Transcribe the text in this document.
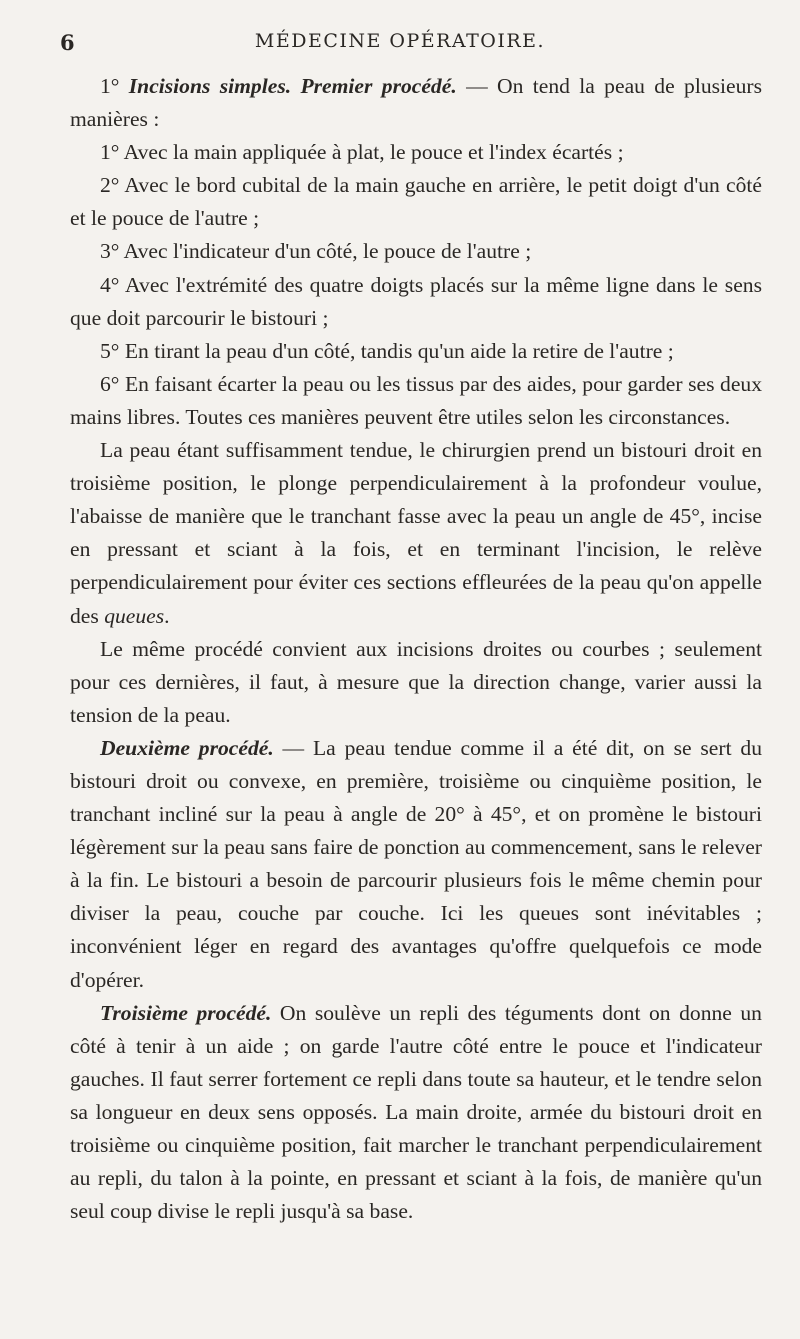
6	MÉDECINE OPÉRATOIRE.

1° Incisions simples. Premier procédé. — On tend la peau de plusieurs manières :

1° Avec la main appliquée à plat, le pouce et l'index écartés ;

2° Avec le bord cubital de la main gauche en arrière, le petit doigt d'un côté et le pouce de l'autre ;

3° Avec l'indicateur d'un côté, le pouce de l'autre ;

4° Avec l'extrémité des quatre doigts placés sur la même ligne dans le sens que doit parcourir le bistouri ;

5° En tirant la peau d'un côté, tandis qu'un aide la retire de l'autre ;

6° En faisant écarter la peau ou les tissus par des aides, pour garder ses deux mains libres. Toutes ces manières peuvent être utiles selon les circonstances.

La peau étant suffisamment tendue, le chirurgien prend un bistouri droit en troisième position, le plonge perpendiculairement à la profondeur voulue, l'abaisse de manière que le tranchant fasse avec la peau un angle de 45°, incise en pressant et sciant à la fois, et en terminant l'incision, le relève perpendiculairement pour éviter ces sections effleurées de la peau qu'on appelle des queues.

Le même procédé convient aux incisions droites ou courbes ; seulement pour ces dernières, il faut, à mesure que la direction change, varier aussi la tension de la peau.

Deuxième procédé. — La peau tendue comme il a été dit, on se sert du bistouri droit ou convexe, en première, troisième ou cinquième position, le tranchant incliné sur la peau à angle de 20° à 45°, et on promène le bistouri légèrement sur la peau sans faire de ponction au commencement, sans le relever à la fin. Le bistouri a besoin de parcourir plusieurs fois le même chemin pour diviser la peau, couche par couche. Ici les queues sont inévitables ; inconvénient léger en regard des avantages qu'offre quelquefois ce mode d'opérer.

Troisième procédé. On soulève un repli des téguments dont on donne un côté à tenir à un aide ; on garde l'autre côté entre le pouce et l'indicateur gauches. Il faut serrer fortement ce repli dans toute sa hauteur, et le tendre selon sa longueur en deux sens opposés. La main droite, armée du bistouri droit en troisième ou cinquième position, fait marcher le tranchant perpendiculairement au repli, du talon à la pointe, en pressant et sciant à la fois, de manière qu'un seul coup divise le repli jusqu'à sa base.
